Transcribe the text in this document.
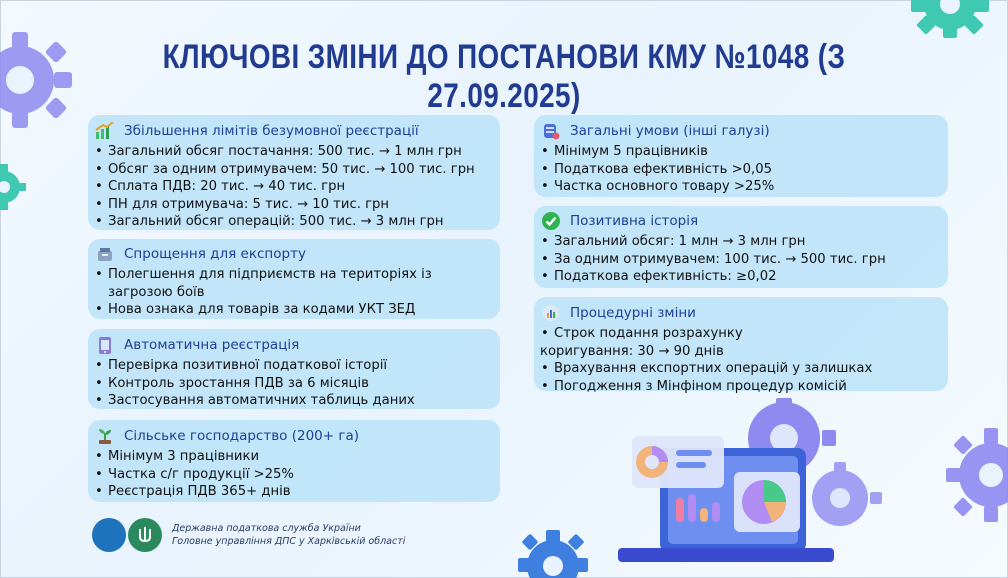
КЛЮЧОВІ ЗМІНИ ДО ПОСТАНОВИ КМУ №1048 (З 27.09.2025)
Збільшення лімітів безумовної реєстрації
• Загальний обсяг постачання: 500 тис. → 1 млн грн
• Обсяг за одним отримувачем: 50 тис. → 100 тис. грн
• Сплата ПДВ: 20 тис. → 40 тис. грн
• ПН для отримувача: 5 тис. → 10 тис. грн
• Загальний обсяг операцій: 500 тис. → 3 млн грн
Спрощення для експорту
• Полегшення для підприємств на територіях із загрозою боїв
• Нова ознака для товарів за кодами УКТ ЗЕД
Автоматична реєстрація
• Перевірка позитивної податкової історії
• Контроль зростання ПДВ за 6 місяців
• Застосування автоматичних таблиць даних
Сільське господарство (200+ га)
• Мінімум 3 працівники
• Частка с/г продукції >25%
• Реєстрація ПДВ 365+ днів
Загальні умови (інші галузі)
• Мінімум 5 працівників
• Податкова ефективність >0,05
• Частка основного товару >25%
Позитивна історія
• Загальний обсяг: 1 млн → 3 млн грн
• За одним отримувачем: 100 тис. → 500 тис. грн
• Податкова ефективність: ≥0,02
Процедурні зміни
• Строк подання розрахунку
коригування: 30 → 90 днів
• Врахування експортних операцій у залишках
• Погодження з Мінфіном процедур комісій
Державна податкова служба України
Головне управління ДПС у Харківській області
